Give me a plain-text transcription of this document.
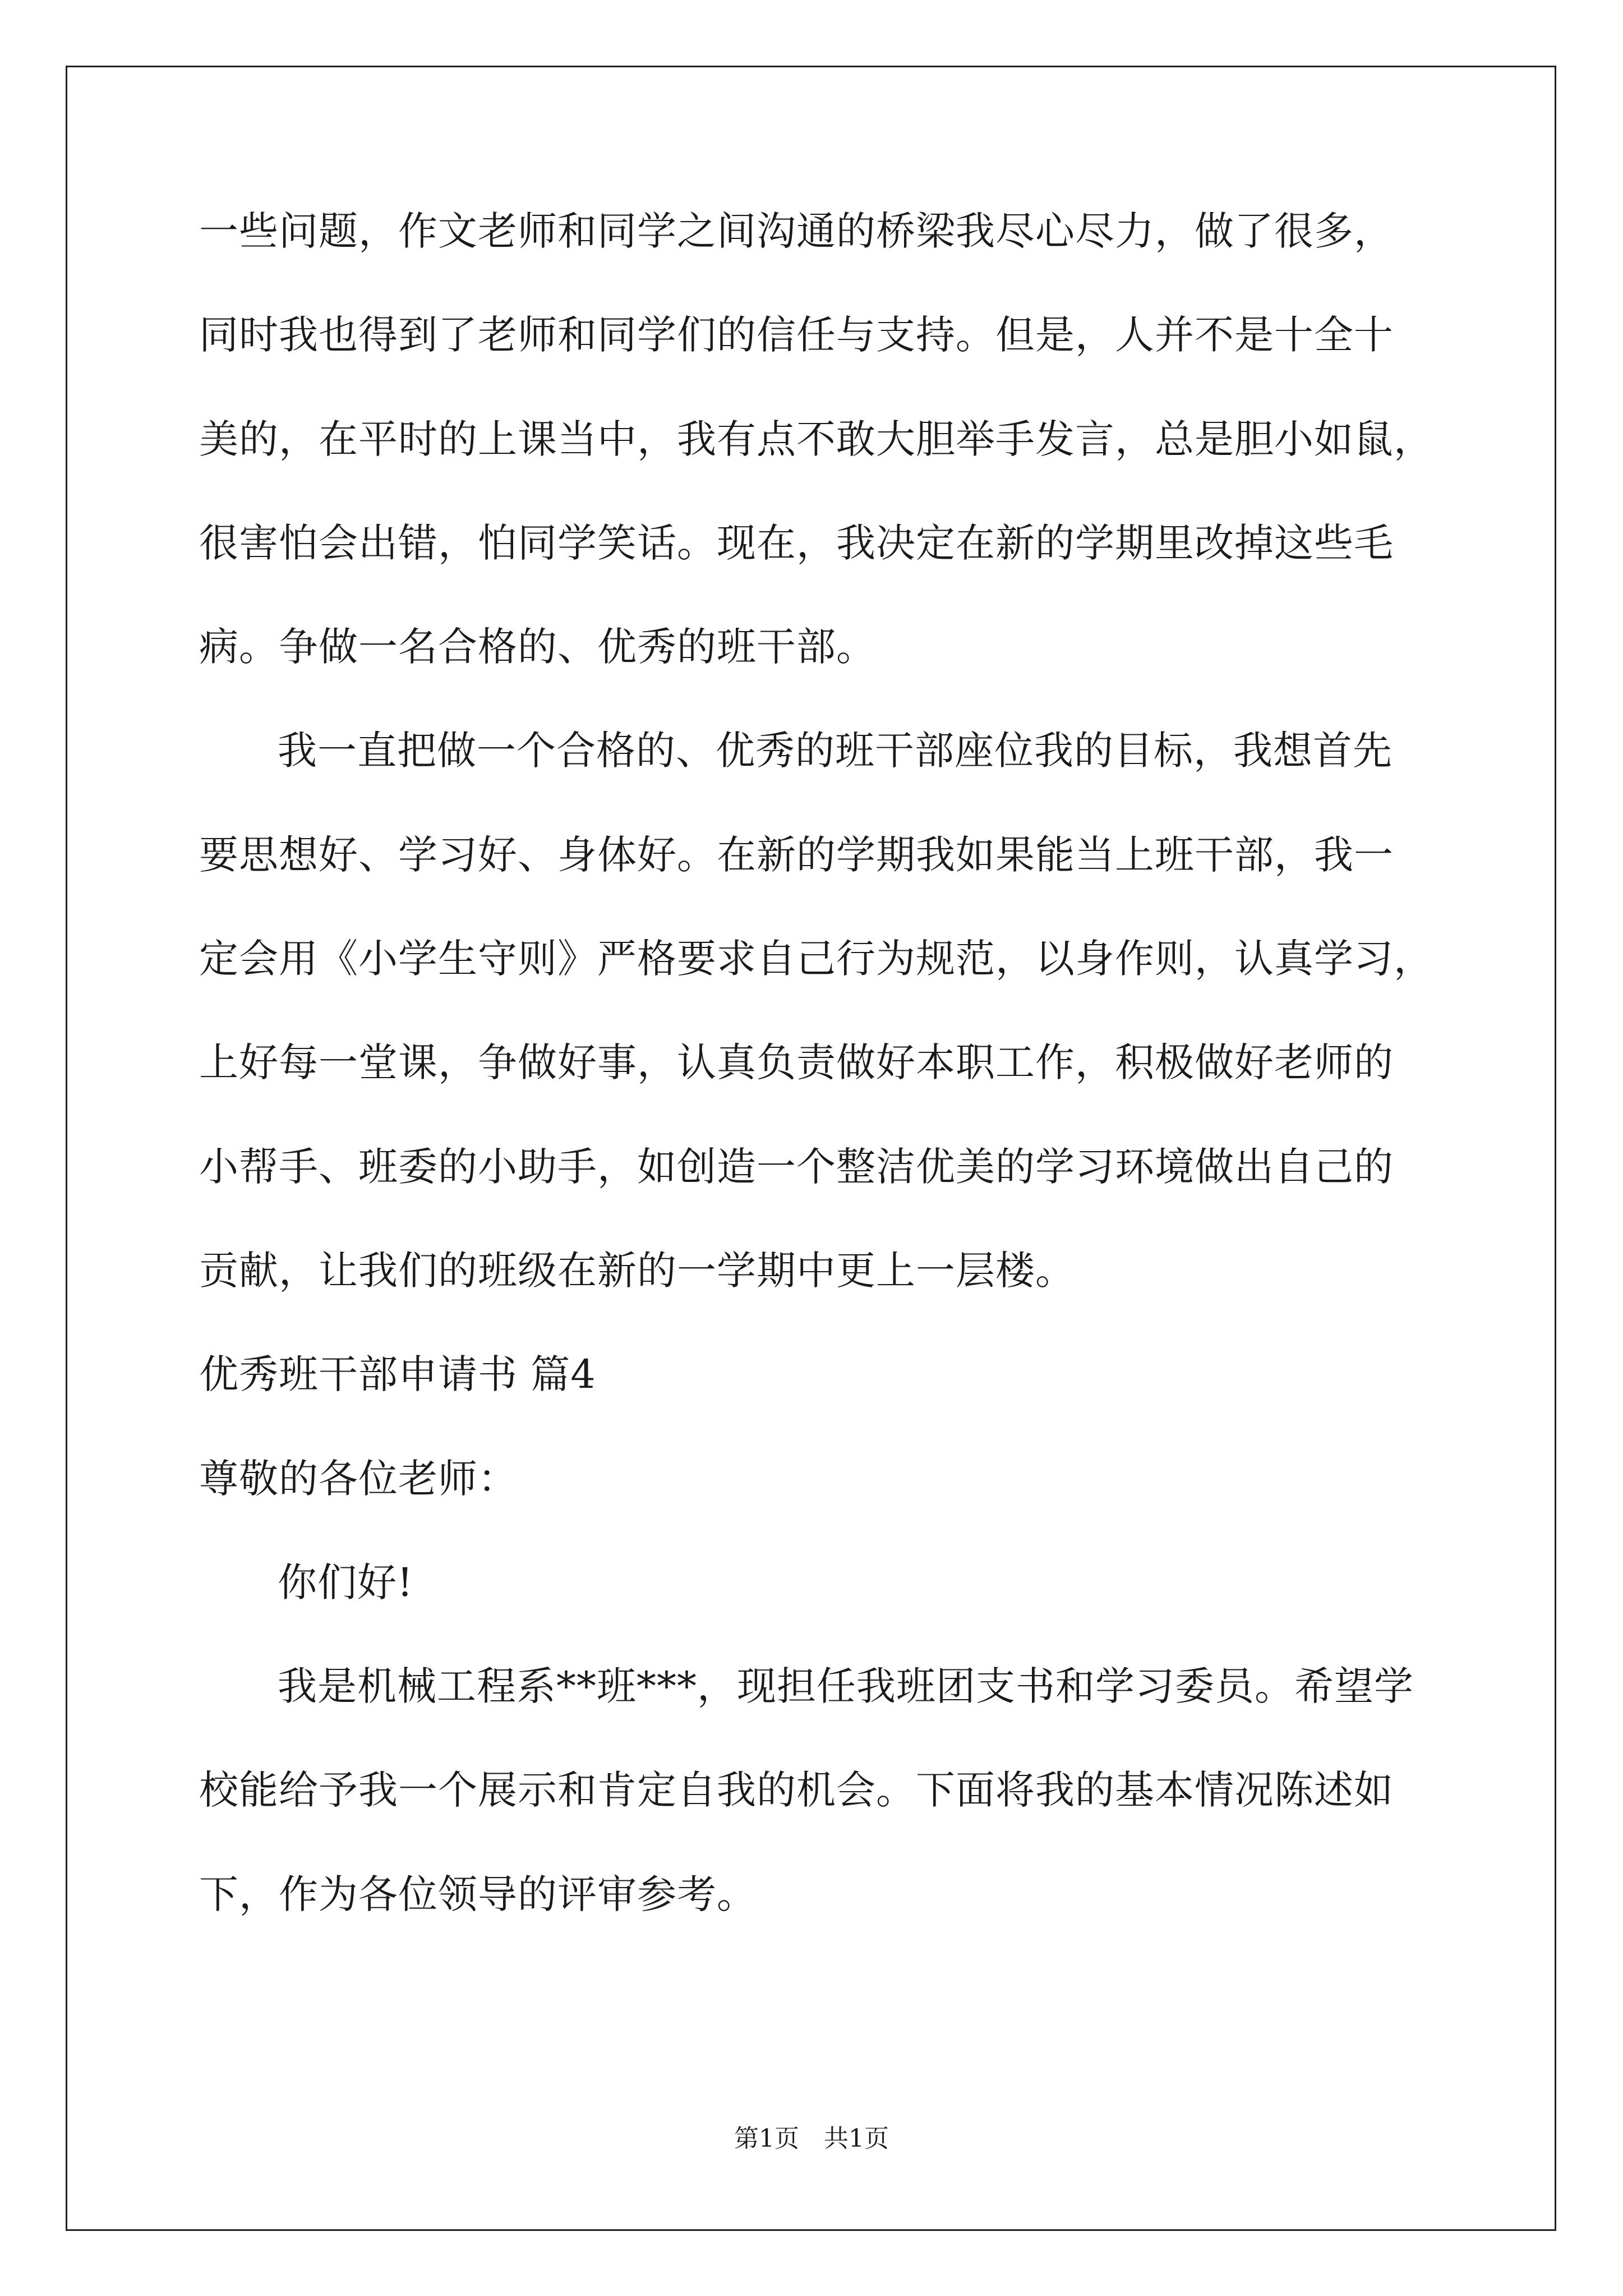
一些问题，作文老师和同学之间沟通的桥梁我尽心尽力，做了很多，
同时我也得到了老师和同学们的信任与支持。但是，人并不是十全十
美的，在平时的上课当中，我有点不敢大胆举手发言，总是胆小如鼠，
很害怕会出错，怕同学笑话。现在，我决定在新的学期里改掉这些毛
病。争做一名合格的、优秀的班干部。
我一直把做一个合格的、优秀的班干部座位我的目标，我想首先
要思想好、学习好、身体好。在新的学期我如果能当上班干部，我一
定会用《小学生守则》严格要求自己行为规范，以身作则，认真学习，
上好每一堂课，争做好事，认真负责做好本职工作，积极做好老师的
小帮手、班委的小助手，如创造一个整洁优美的学习环境做出自己的
贡献，让我们的班级在新的一学期中更上一层楼。
优秀班干部申请书 篇4
尊敬的各位老师：
你们好!
我是机械工程系**班***，现担任我班团支书和学习委员。希望学
校能给予我一个展示和肯定自我的机会。下面将我的基本情况陈述如
下，作为各位领导的评审参考。
第1页　共1页
